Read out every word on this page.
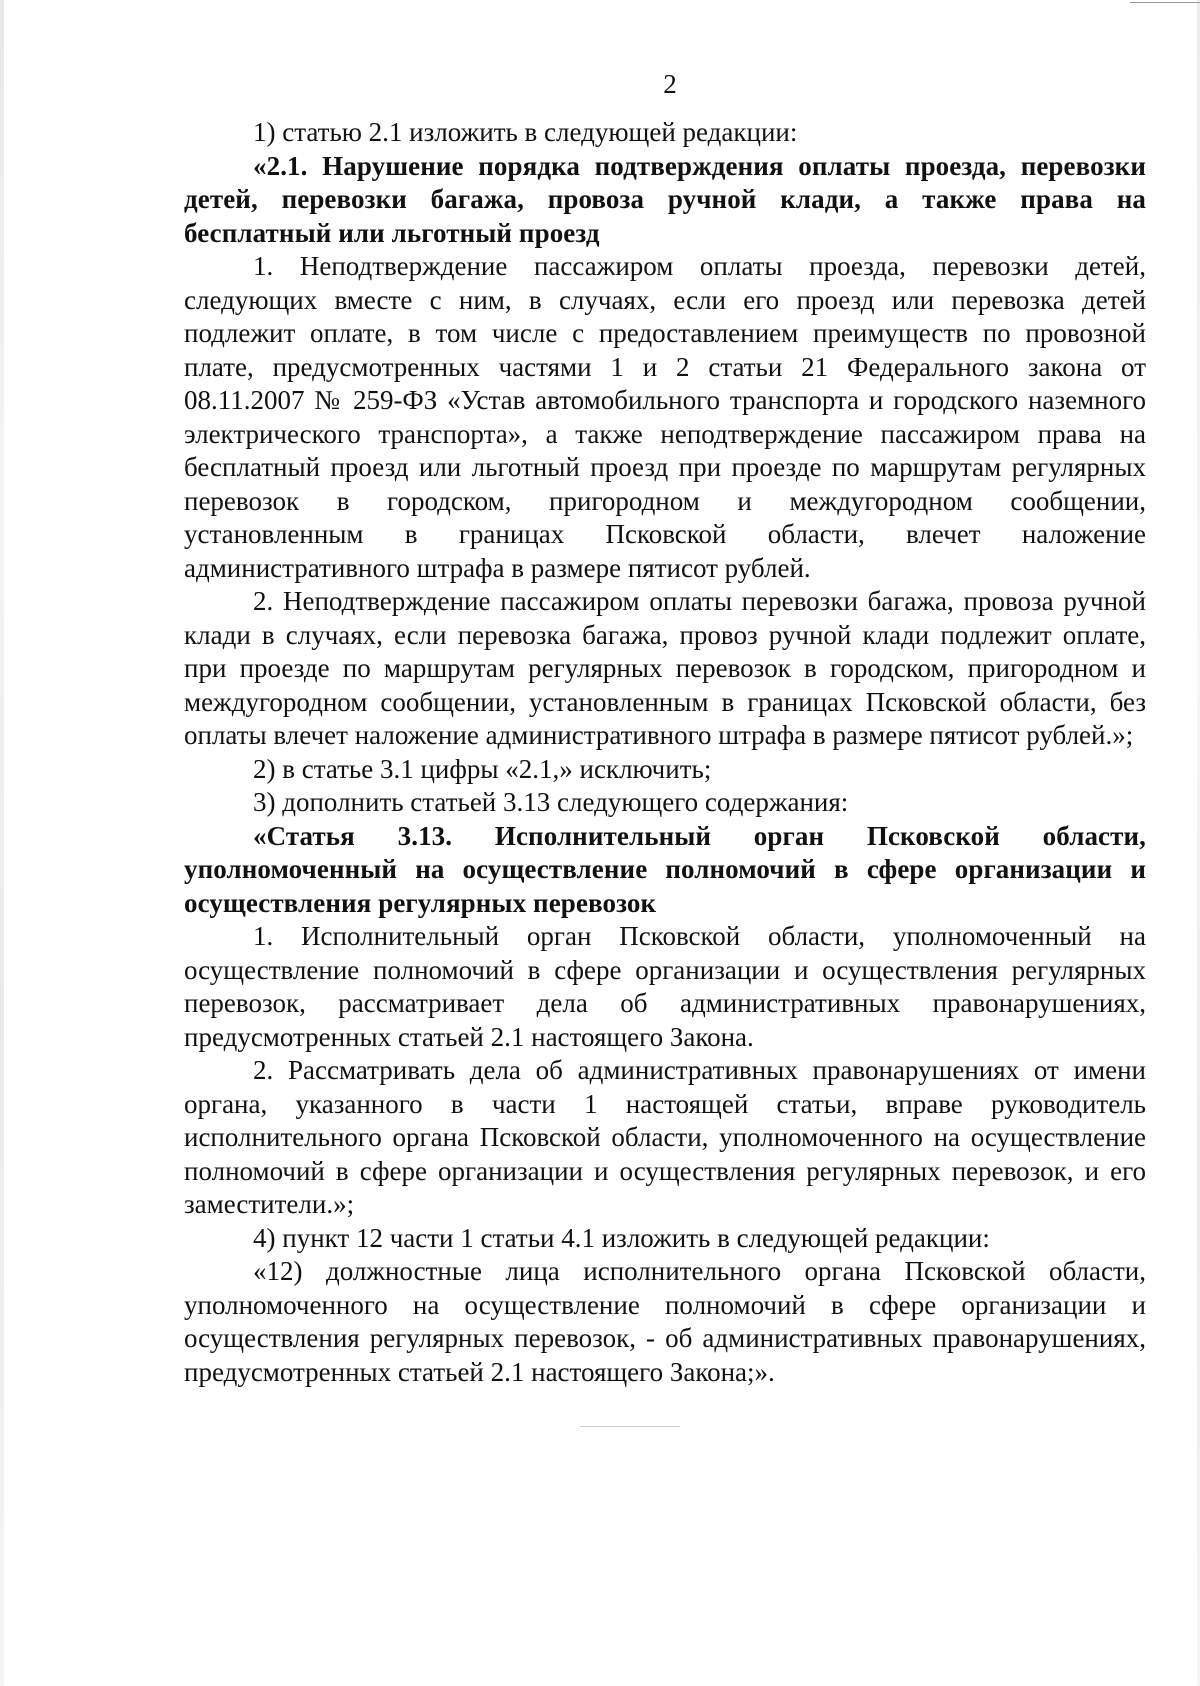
2

1) статью 2.1 изложить в следующей редакции:

«2.1. Нарушение порядка подтверждения оплаты проезда, перевозки детей, перевозки багажа, провоза ручной клади, а также права на бесплатный или льготный проезд

1. Неподтверждение пассажиром оплаты проезда, перевозки детей, следующих вместе с ним, в случаях, если его проезд или перевозка детей подлежит оплате, в том числе с предоставлением преимуществ по провозной плате, предусмотренных частями 1 и 2 статьи 21 Федерального закона от 08.11.2007 № 259-ФЗ «Устав автомобильного транспорта и городского наземного электрического транспорта», а также неподтверждение пассажиром права на бесплатный проезд или льготный проезд при проезде по маршрутам регулярных перевозок в городском, пригородном и междугородном сообщении, установленным в границах Псковской области, влечет наложение административного штрафа в размере пятисот рублей.

2. Неподтверждение пассажиром оплаты перевозки багажа, провоза ручной клади в случаях, если перевозка багажа, провоз ручной клади подлежит оплате, при проезде по маршрутам регулярных перевозок в городском, пригородном и междугородном сообщении, установленным в границах Псковской области, без оплаты влечет наложение административного штрафа в размере пятисот рублей.»;

2) в статье 3.1 цифры «2.1,» исключить;

3) дополнить статьей 3.13 следующего содержания:

«Статья 3.13. Исполнительный орган Псковской области, уполномоченный на осуществление полномочий в сфере организации и осуществления регулярных перевозок

1. Исполнительный орган Псковской области, уполномоченный на осуществление полномочий в сфере организации и осуществления регулярных перевозок, рассматривает дела об административных правонарушениях, предусмотренных статьей 2.1 настоящего Закона.

2. Рассматривать дела об административных правонарушениях от имени органа, указанного в части 1 настоящей статьи, вправе руководитель исполнительного органа Псковской области, уполномоченного на осуществление полномочий в сфере организации и осуществления регулярных перевозок, и его заместители.»;

4) пункт 12 части 1 статьи 4.1 изложить в следующей редакции:

«12) должностные лица исполнительного органа Псковской области, уполномоченного на осуществление полномочий в сфере организации и осуществления регулярных перевозок, - об административных правонарушениях, предусмотренных статьей 2.1 настоящего Закона;».
